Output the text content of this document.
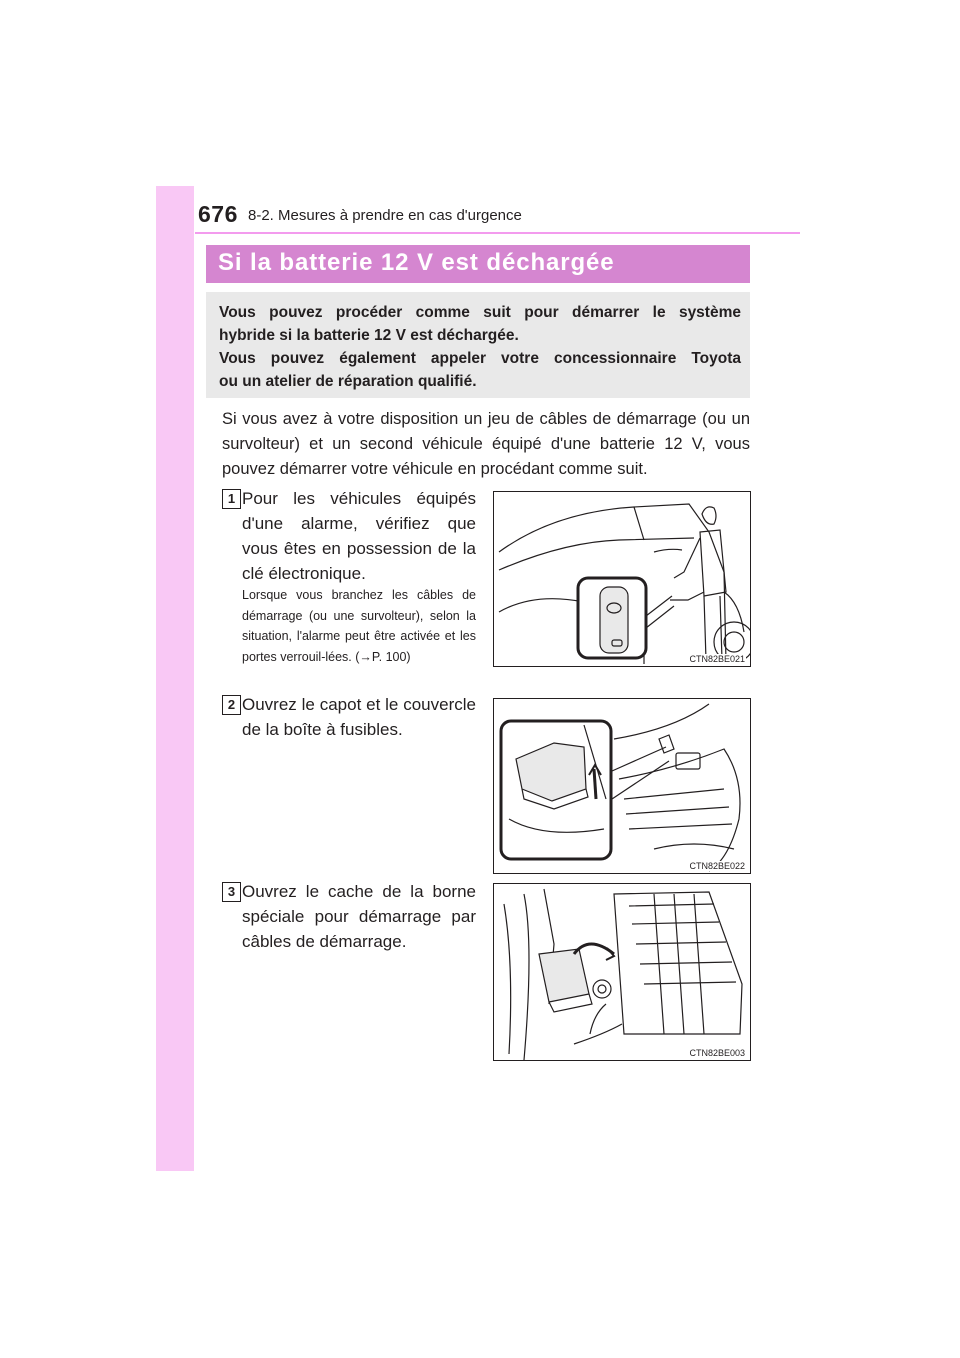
676 8-2. Mesures à prendre en cas d'urgence
Si la batterie 12 V est déchargée

Vous pouvez procéder comme suit pour démarrer le système

hybride si la batterie 12 V est déchargée.

Vous pouvez également appeler votre concessionnaire Toyota

ou un atelier de réparation qualifié.

Si vous avez à votre disposition un jeu de câbles de démarrage (ou un survolteur) et un second véhicule équipé d'une batterie 12 V, vous pouvez démarrer votre véhicule en procédant comme suit.

1 Pour les véhicules équipés d'une alarme, vérifiez que vous êtes en possession de la clé électronique.

Lorsque vous branchez les câbles de démarrage (ou une survolteur), selon la situation, l'alarme peut être activée et les portes verrouil-lées. (→P. 100)	CTN82BE021
2 Ouvrez le capot et le couvercle de la boîte à fusibles.

CTN82BE022
3 Ouvrez le cache de la borne spéciale pour démarrage par câbles de démarrage.

CTN82BE003
